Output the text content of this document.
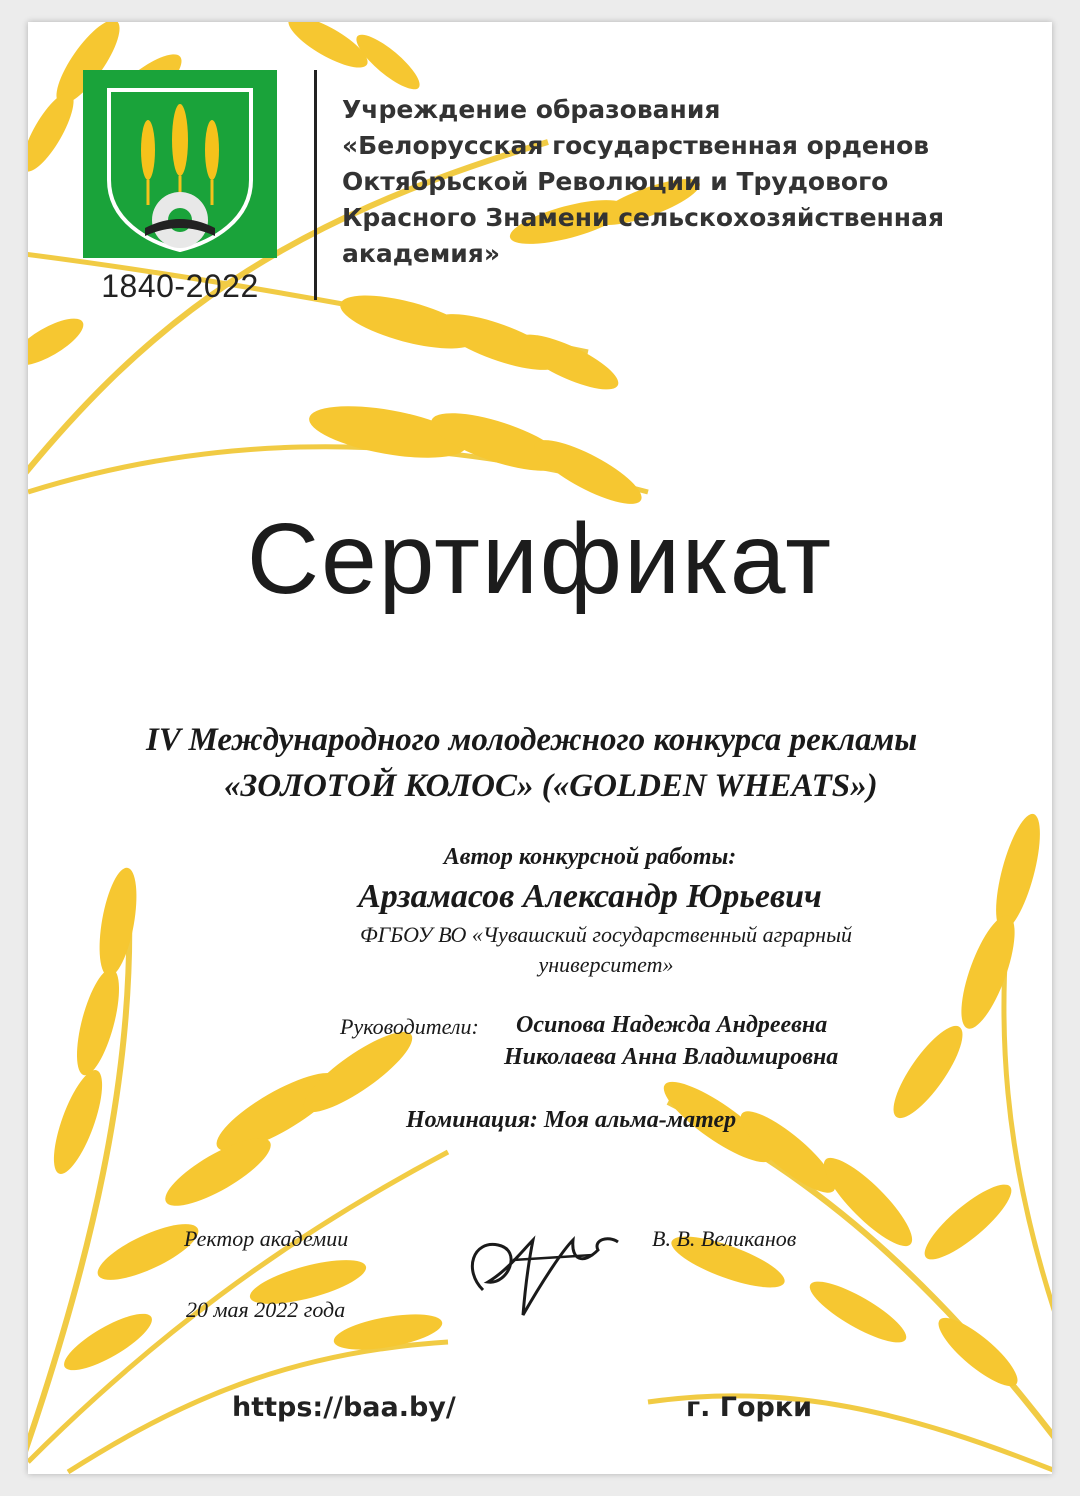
1840-2022
Учреждение образования
«Белорусская государственная орденов
Октябрьской Революции и Трудового
Красного Знамени сельскохозяйственная
академия»
Сертификат
IV Международного молодежного конкурса рекламы
«ЗОЛОТОЙ КОЛОС» («GOLDEN WHEATS»)
Автор конкурсной работы:
Арзамасов Александр Юрьевич
ФГБОУ ВО «Чувашский государственный аграрный
университет»
Руководители: Осипова Надежда Андреевна
Николаева Анна Владимировна
Номинация: Моя альма-матер
Ректор академии	В. В. Великанов
20 мая 2022 года
https://baa.by/	г. Горки
